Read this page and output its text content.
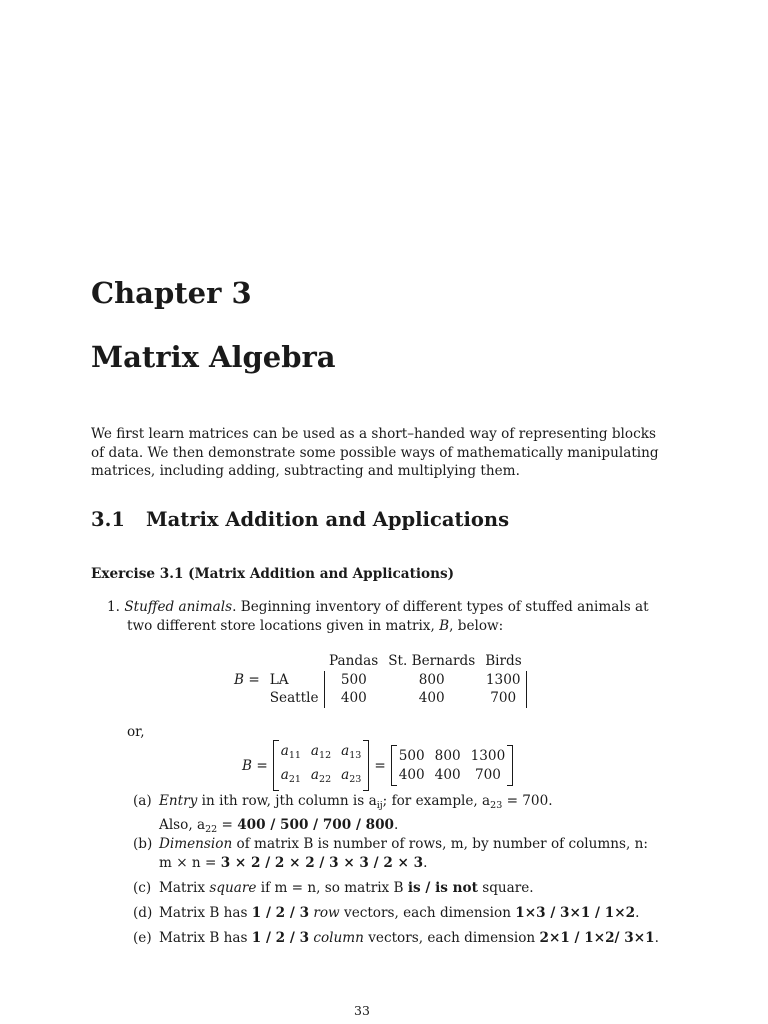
Chapter 3
Matrix Algebra
We first learn matrices can be used as a short–handed way of representing blocks
of data. We then demonstrate some possible ways of mathematically manipulating
matrices, including adding, subtracting and multiplying them.
3.1 Matrix Addition and Applications
Exercise 3.1 (Matrix Addition and Applications)
1. Stuffed animals. Beginning inventory of different types of stuffed animals at
two different store locations given in matrix, B, below:
		Pandas	St. Bernards	Birds
B =	LA	500	800	1300
	Seattle	400	400	700
or,
B =
$a_{11}$ $a_{12}$ $a_{13}$
$a_{21}$ $a_{22}$ $a_{23}$
=
500 800 1300
400 400	700
(a) Entry in ith row, jth column is $a_{ij}$; for example, $a_{23} = 700$.
Also, $a_{22} = 400 / 500 / 700 / 800$.
(b) Dimension of matrix B is number of rows, m, by number of columns, n:
m × n = 3 × 2 / 2 × 2 / 3 × 3 / 2 × 3.
(c) Matrix square if m = n, so matrix B is / is not square.
(d) Matrix B has 1 / 2 / 3 row vectors, each dimension 1×3 / 3×1 / 1×2.
(e) Matrix B has 1 / 2 / 3 column vectors, each dimension 2×1 / 1×2/ 3×1.
33
